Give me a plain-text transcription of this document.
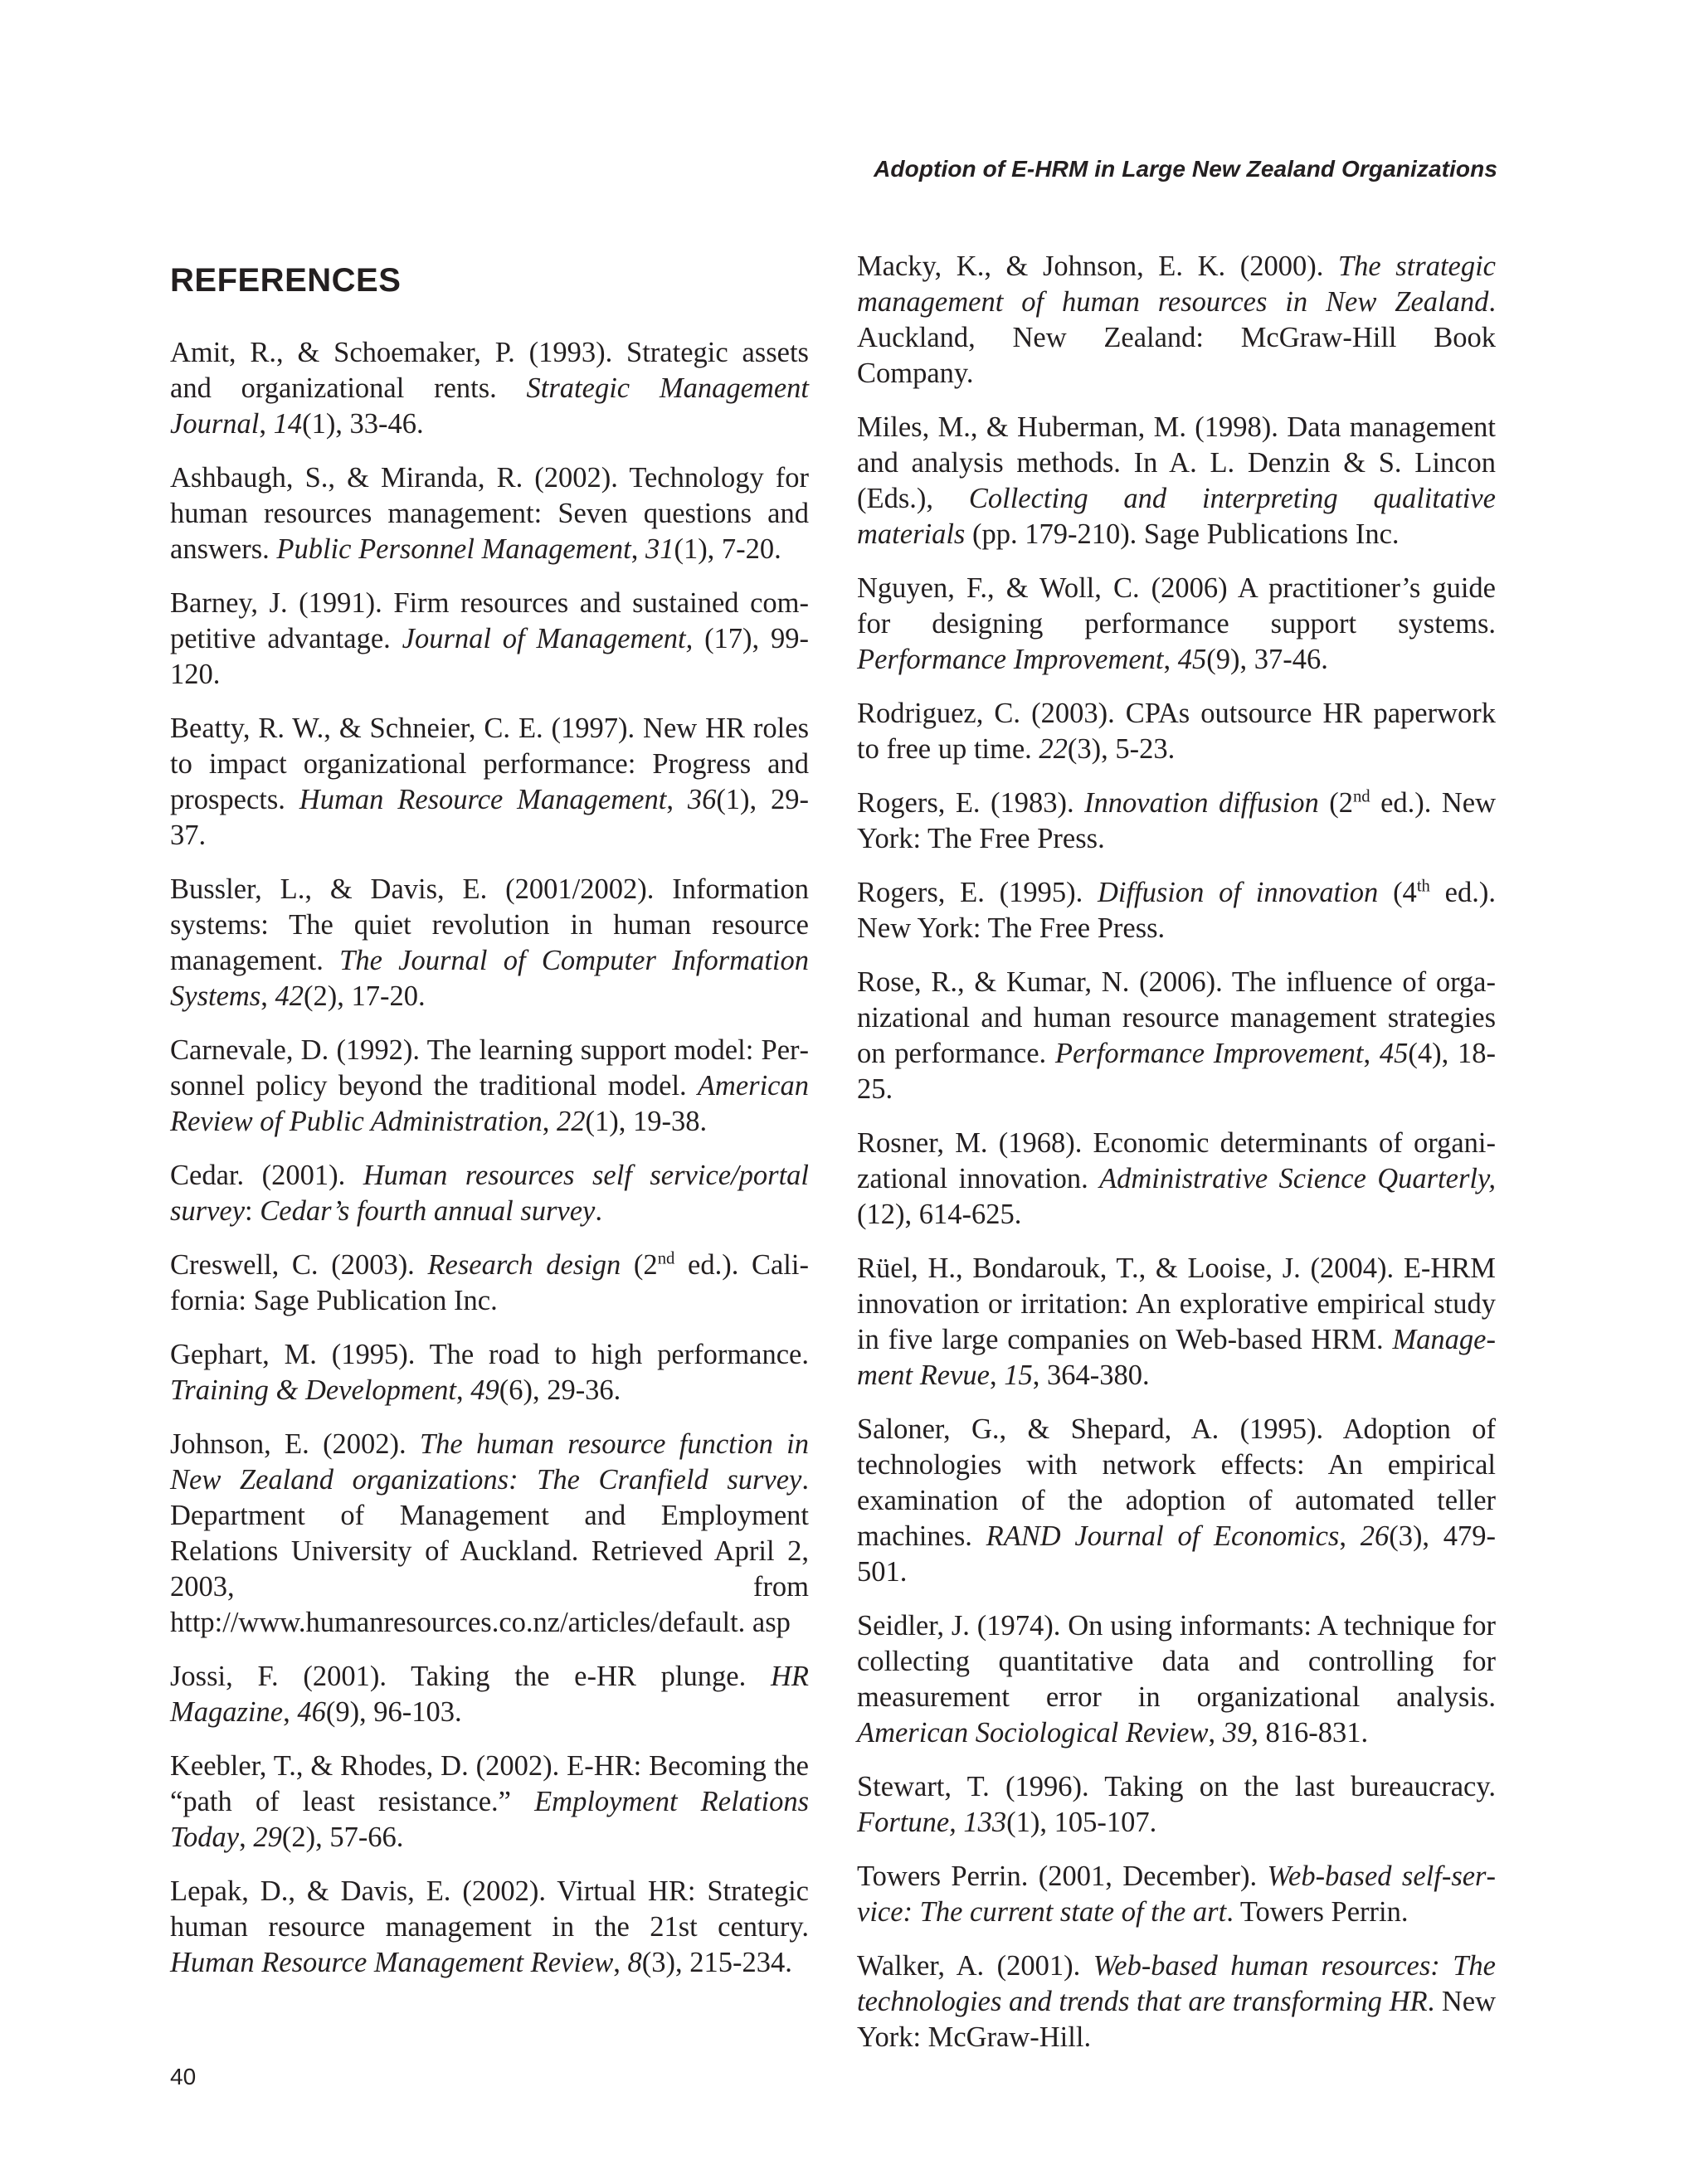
Adoption of E-HRM in Large New Zealand Organizations
REFERENCES

Amit, R., & Schoemaker, P. (1993). Strategic assets and organizational rents. Strategic Management Journal, 14(1), 33-46.

Ashbaugh, S., & Miranda, R. (2002). Technology for human resources management: Seven questions and answers. Public Personnel Management, 31(1), 7-20.

Barney, J. (1991). Firm resources and sustained competitive advantage. Journal of Management, (17), 99-120.

Beatty, R. W., & Schneier, C. E. (1997). New HR roles to impact organizational performance: Progress and prospects. Human Resource Management, 36(1), 29-37.

Bussler, L., & Davis, E. (2001/2002). Information systems: The quiet revolution in human resource management. The Journal of Computer Information Systems, 42(2), 17-20.

Carnevale, D. (1992). The learning support model: Personnel policy beyond the traditional model. American Review of Public Administration, 22(1), 19-38.

Cedar. (2001). Human resources self service/portal survey: Cedar’s fourth annual survey.

Creswell, C. (2003). Research design (2nd ed.). California: Sage Publication Inc.

Gephart, M. (1995). The road to high performance. Training & Development, 49(6), 29-36.

Johnson, E. (2002). The human resource function in New Zealand organizations: The Cranfield survey. Department of Management and Employment Relations University of Auckland. Retrieved April 2, 2003, from http://www.humanresources.co.nz/articles/default. asp

Jossi, F. (2001). Taking the e-HR plunge. HR Magazine, 46(9), 96-103.

Keebler, T., & Rhodes, D. (2002). E-HR: Becoming the “path of least resistance.” Employment Relations Today, 29(2), 57-66.

Lepak, D., & Davis, E. (2002). Virtual HR: Strategic human resource management in the 21st century. Human Resource Management Review, 8(3), 215-234.

Macky, K., & Johnson, E. K. (2000). The strategic management of human resources in New Zealand. Auckland, New Zealand: McGraw-Hill Book Company.

Miles, M., & Huberman, M. (1998). Data management and analysis methods. In A. L. Denzin & S. Lincon (Eds.), Collecting and interpreting qualitative materials (pp. 179-210). Sage Publications Inc.

Nguyen, F., & Woll, C. (2006) A practitioner’s guide for designing performance support systems. Performance Improvement, 45(9), 37-46.

Rodriguez, C. (2003). CPAs outsource HR paperwork to free up time. 22(3), 5-23.

Rogers, E. (1983). Innovation diffusion (2nd ed.). New York: The Free Press.

Rogers, E. (1995). Diffusion of innovation (4th ed.). New York: The Free Press.

Rose, R., & Kumar, N. (2006). The influence of organizational and human resource management strategies on performance. Performance Improvement, 45(4), 18-25.

Rosner, M. (1968). Economic determinants of organizational innovation. Administrative Science Quarterly, (12), 614-625.

Rüel, H., Bondarouk, T., & Looise, J. (2004). E-HRM innovation or irritation: An explorative empirical study in five large companies on Web-based HRM. Management Revue, 15, 364-380.

Saloner, G., & Shepard, A. (1995). Adoption of technologies with network effects: An empirical examination of the adoption of automated teller machines. RAND Journal of Economics, 26(3), 479-501.

Seidler, J. (1974). On using informants: A technique for collecting quantitative data and controlling for measurement error in organizational analysis. American Sociological Review, 39, 816-831.

Stewart, T. (1996). Taking on the last bureaucracy. Fortune, 133(1), 105-107.

Towers Perrin. (2001, December). Web-based self-service: The current state of the art. Towers Perrin.

Walker, A. (2001). Web-based human resources: The technologies and trends that are transforming HR. New York: McGraw-Hill.

40
